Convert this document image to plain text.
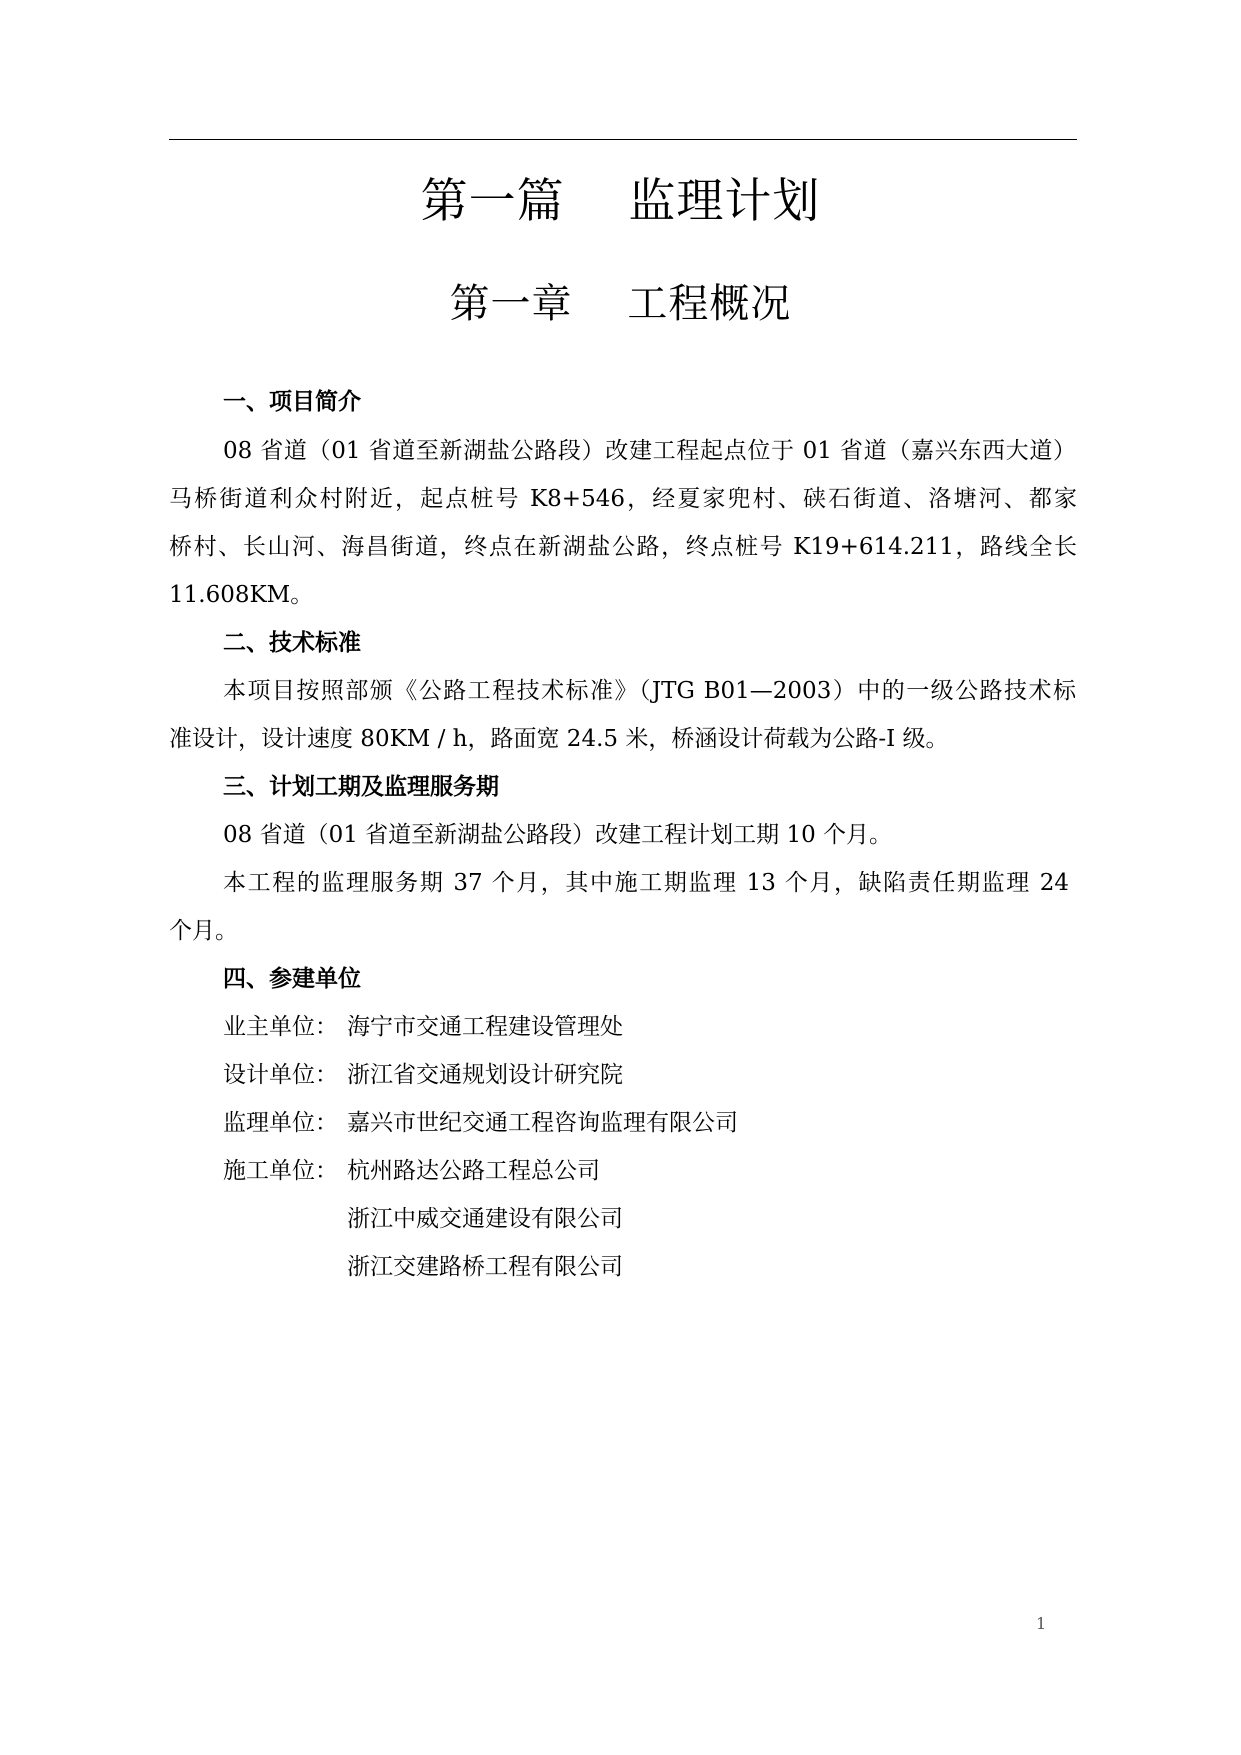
第一篇    监理计划
第一章    工程概况
一、项目简介
08 省道（01 省道至新湖盐公路段）改建工程起点位于 01 省道（嘉兴东西大道）
马桥街道利众村附近，起点桩号 K8+546，经夏家兜村、硖石街道、洛塘河、都家
桥村、长山河、海昌街道，终点在新湖盐公路，终点桩号 K19+614.211，路线全长
11.608KM。
二、技术标准
本项目按照部颁《公路工程技术标准》（JTG B01—2003）中的一级公路技术标
准设计，设计速度 80KM / h，路面宽 24.5 米，桥涵设计荷载为公路-I 级。
三、计划工期及监理服务期
08 省道（01 省道至新湖盐公路段）改建工程计划工期 10 个月。
本工程的监理服务期 37 个月，其中施工期监理 13 个月，缺陷责任期监理 24
个月。
四、参建单位
业主单位： 海宁市交通工程建设管理处
设计单位： 浙江省交通规划设计研究院
监理单位： 嘉兴市世纪交通工程咨询监理有限公司
施工单位： 杭州路达公路工程总公司
浙江中威交通建设有限公司
浙江交建路桥工程有限公司
1
